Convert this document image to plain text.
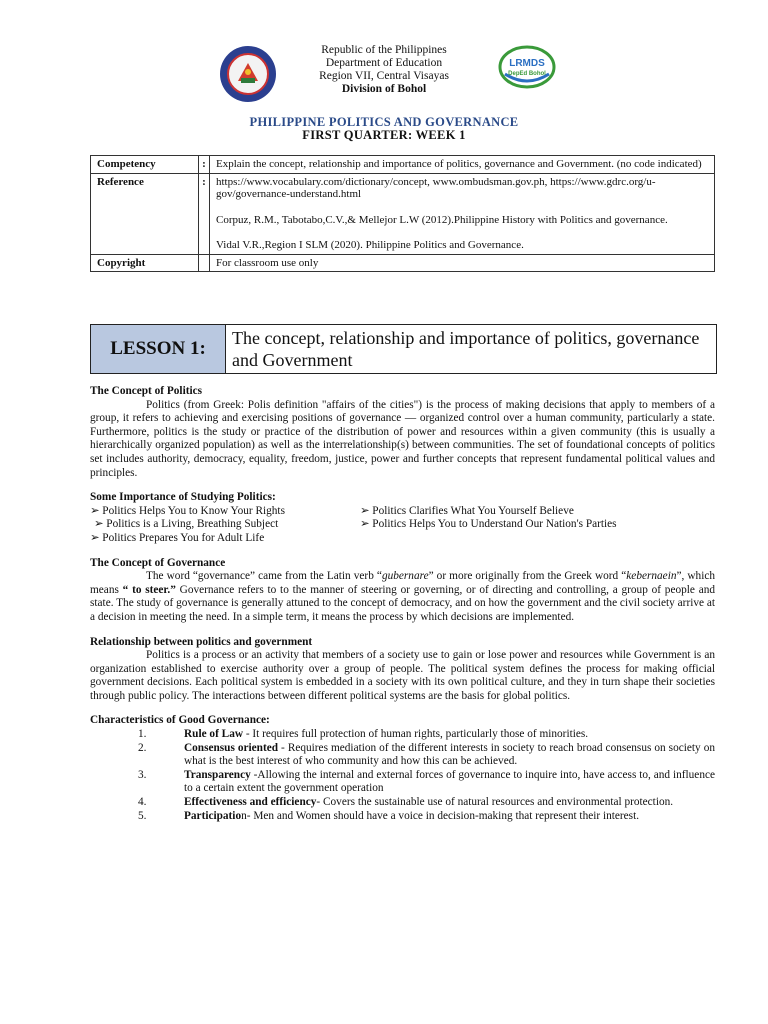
Republic of the Philippines
Department of Education
Region VII, Central Visayas
Division of Bohol
LRMDS
DepEd Bohol
PHILIPPINE POLITICS AND GOVERNANCE
FIRST QUARTER: WEEK 1
Competency	:	Explain the concept, relationship and importance of politics, governance and Government. (no code indicated)
Reference	:	https://www.vocabulary.com/dictionary/concept, www.ombudsman.gov.ph, https://www.gdrc.org/u-gov/governance-understand.html

Corpuz, R.M., Tabotabo,C.V.,& Mellejor L.W (2012).Philippine History with Politics and governance.

Vidal V.R.,Region I SLM (2020). Philippine Politics and Governance.

Copyright		For classroom use only
LESSON 1:	The concept, relationship and importance of politics, governance and Government

The Concept of Politics

Politics (from Greek: Polis definition "affairs of the cities") is the process of making decisions that apply to members of a group, it refers to achieving and exercising positions of governance — organized control over a human community, particularly a state. Furthermore, politics is the study or practice of the distribution of power and resources within a given community (this is usually a hierarchically organized population) as well as the interrelationship(s) between communities. The set of foundational concepts of politics set includes authority, democracy, equality, freedom, justice, power and further concepts that represent fundamental political values and principles.

Some Importance of Studying Politics:

➢ Politics Helps You to Know Your Rights	➢ Politics Clarifies What You Yourself Believe
➢ Politics is a Living, Breathing Subject	➢ Politics Helps You to Understand Our Nation's Parties
➢ Politics Prepares You for Adult Life

The Concept of Governance

The word “governance” came from the Latin verb “gubernare” or more originally from the Greek word “kebernaein”, which means “ to steer.” Governance refers to to the manner of steering or governing, or of directing and controlling, a group of people and state. The study of governance is generally attuned to the concept of democracy, and on how the government and the civil society arrive at a decision in meeting the need. In a simple term, it means the process by which decisions are implemented.

Relationship between politics and government

Politics is a process or an activity that members of a society use to gain or lose power and resources while Government is an organization established to exercise authority over a group of people. The political system defines the process for making official government decisions. Each political system is embedded in a society with its own political culture, and they in turn shape their societies through public policy. The interactions between different political systems are the basis for global politics.

Characteristics of Good Governance:

1.	Rule of Law - It requires full protection of human rights, particularly those of minorities.
2.	Consensus oriented - Requires mediation of the different interests in society to reach broad consensus on society on what is the best interest of who community and how this can be achieved.
3.	Transparency -Allowing the internal and external forces of governance to inquire into, have access to, and influence to a certain extent the government operation
4.	Effectiveness and efficiency- Covers the sustainable use of natural resources and environmental protection.
5.	Participation- Men and Women should have a voice in decision-making that represent their interest.
